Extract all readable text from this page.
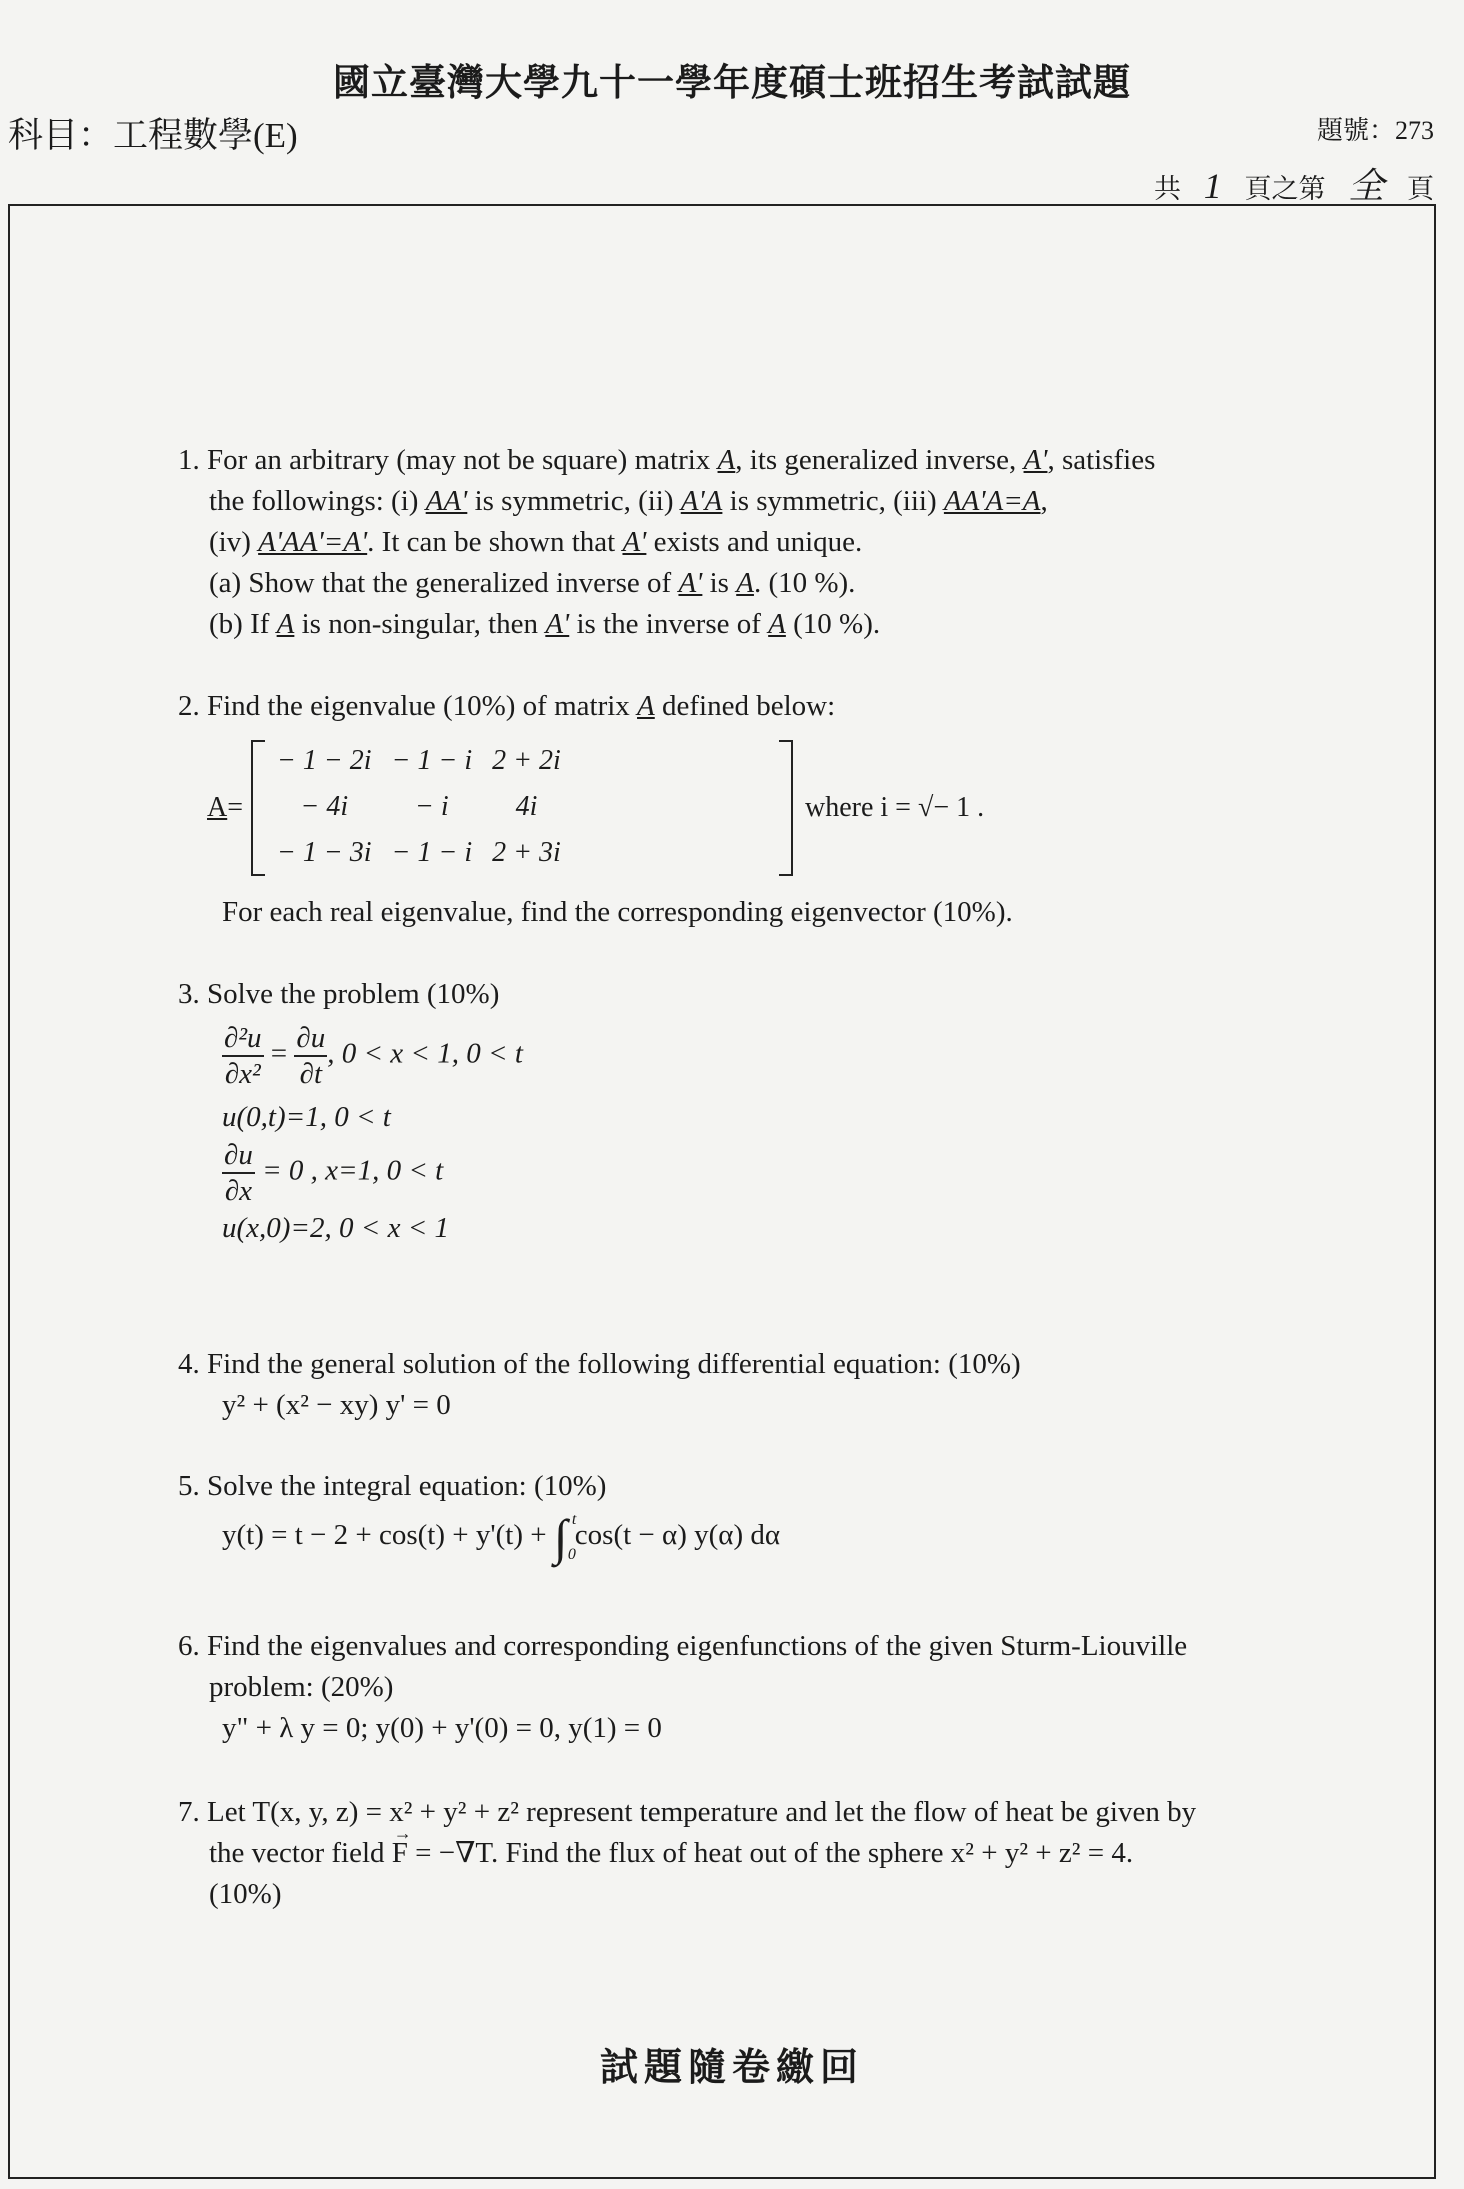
國立臺灣大學九十一學年度碩士班招生考試試題
科目：工程數學(E)	題號：273
共 1 頁之第 全 頁
1. For an arbitrary (may not be square) matrix A, its generalized inverse, A', satisfies
the followings: (i) AA' is symmetric, (ii) A'A is symmetric, (iii) AA'A=A,
(iv) A'AA'=A'. It can be shown that A' exists and unique.
(a) Show that the generalized inverse of A' is A. (10 %).
(b) If A is non-singular, then A' is the inverse of A (10 %).
2. Find the eigenvalue (10%) of matrix A defined below:
A=
− 1 − 2i	− 1 − i	2 + 2i
− 4i	− i	4i
− 1 − 3i	− 1 − i	2 + 3i
where i = √− 1 .
For each real eigenvalue, find the corresponding eigenvector (10%).
3. Solve the problem (10%)
$\frac{\text{∂²u}}{\text{∂x²}} = \frac{\partial u}{\partial t}$ , 0 < x < 1, 0 < t
u(0,t)=1, 0 < t
$\frac{\partial u}{\partial x} = 0$ , x=1, 0 < t
u(x,0)=2, 0 < x < 1
4. Find the general solution of the following differential equation: (10%)
y² + (x² − xy) y' = 0
5. Solve the integral equation: (10%)
y(t) = t − 2 + cos(t) + y'(t) + ∫ t
0
cos(t − α) y(α) dα
6. Find the eigenvalues and corresponding eigenfunctions of the given Sturm-Liouville
problem: (20%)
y" + λ y = 0; y(0) + y'(0) = 0, y(1) = 0
7. Let T(x, y, z) = x² + y² + z² represent temperature and let the flow of heat be given by
the vector field → F = −∇T. Find the flux of heat out of the sphere x² + y² + z² = 4.
(10%)
試題隨卷繳回
